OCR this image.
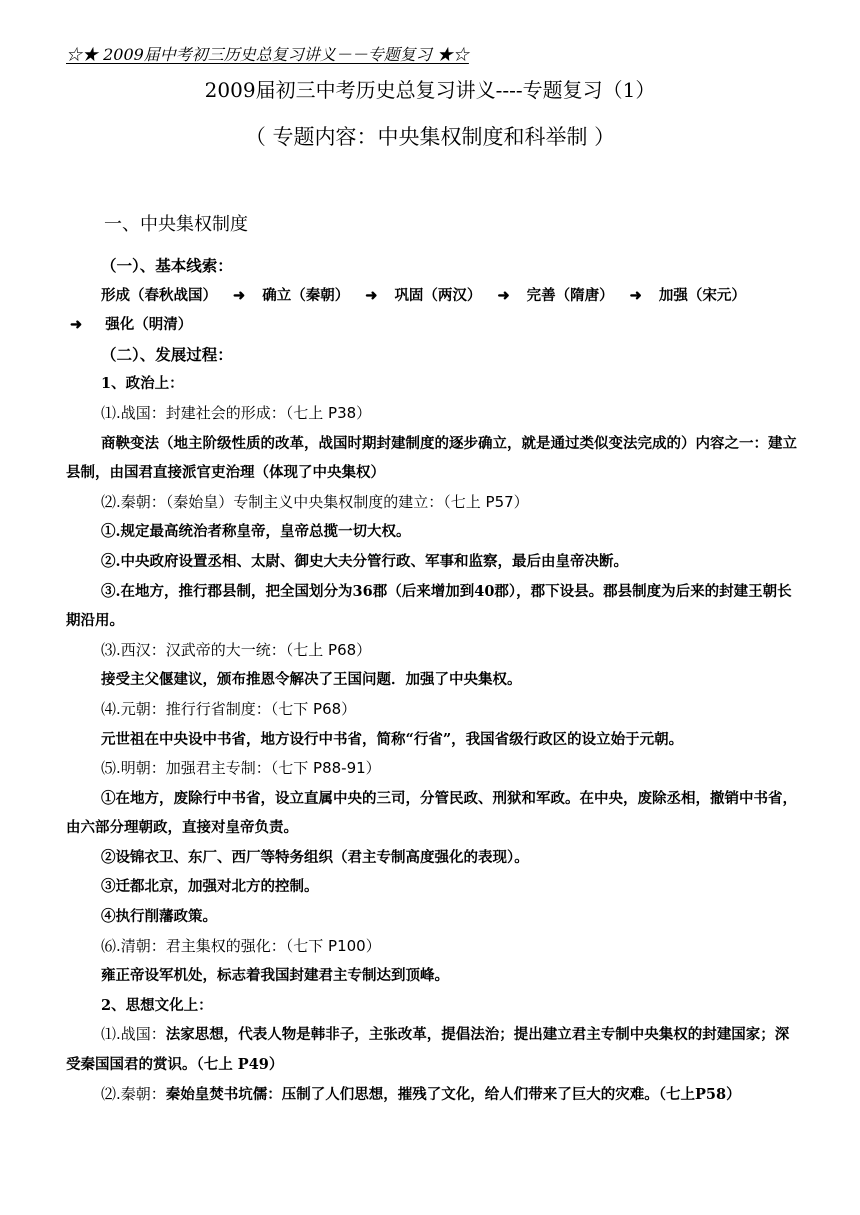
☆★ 2009届中考初三历史总复习讲义－－专题复习 ★☆
2009届初三中考历史总复习讲义----专题复习（1）
（ 专题内容：中央集权制度和科举制 ）
一、中央集权制度
（一）、基本线索：
形成（春秋战国） ➜ 确立（秦朝） ➜ 巩固（两汉） ➜ 完善（隋唐） ➜ 加强（宋元）
➜ 强化（明清）
（二）、发展过程：
1、政治上：
⑴.战国：封建社会的形成：（七上 P38）
商鞅变法（地主阶级性质的改革，战国时期封建制度的逐步确立，就是通过类似变法完成的）内容之一：建立县制，由国君直接派官吏治理（体现了中央集权）
⑵.秦朝：（秦始皇）专制主义中央集权制度的建立：（七上 P57）
①.规定最高统治者称皇帝，皇帝总揽一切大权。
②.中央政府设置丞相、太尉、御史大夫分管行政、军事和监察，最后由皇帝决断。
③.在地方，推行郡县制，把全国划分为36郡（后来增加到40郡），郡下设县。郡县制度为后来的封建王朝长期沿用。
⑶.西汉：汉武帝的大一统：（七上 P68）
接受主父偃建议，颁布推恩令解决了王国问题．加强了中央集权。
⑷.元朝：推行行省制度：（七下 P68）
元世祖在中央设中书省，地方设行中书省，简称“行省”，我国省级行政区的设立始于元朝。
⑸.明朝：加强君主专制：（七下 P88-91）
①在地方，废除行中书省，设立直属中央的三司，分管民政、刑狱和军政。在中央，废除丞相，撤销中书省，由六部分理朝政，直接对皇帝负责。
②设锦衣卫、东厂、西厂等特务组织（君主专制高度强化的表现）。
③迁都北京，加强对北方的控制。
④执行削藩政策。
⑹.清朝：君主集权的强化：（七下 P100）
雍正帝设军机处，标志着我国封建君主专制达到顶峰。
2、思想文化上：
⑴.战国：法家思想，代表人物是韩非子，主张改革，提倡法治；提出建立君主专制中央集权的封建国家；深受秦国国君的赏识。（七上 P49）
⑵.秦朝：秦始皇焚书坑儒：压制了人们思想，摧残了文化，给人们带来了巨大的灾难。（七上P58）
